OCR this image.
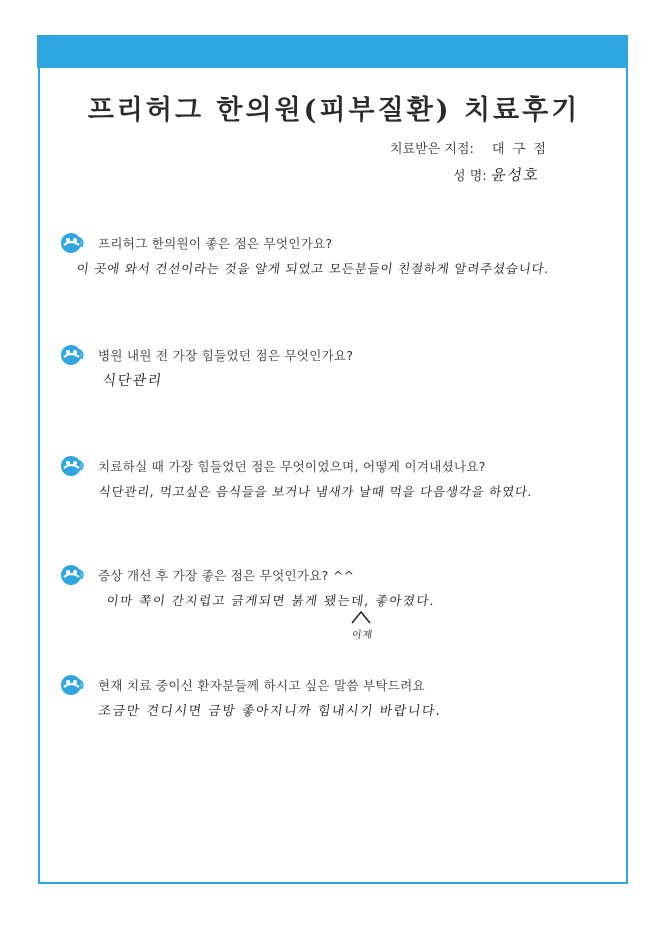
프리허그 한의원(피부질환) 치료후기
치료받은 지점: 대 구 점
성 명: 윤성호
프리허그 한의원이 좋은 점은 무엇인가요?
이 곳에 와서 건선이라는 것을 알게 되었고 모든분들이 친절하게 알려주셨습니다.
병원 내원 전 가장 힘들었던 점은 무엇인가요?
식단관리
치료하실 때 가장 힘들었던 점은 무엇이었으며, 어떻게 이겨내셨나요?
식단관리, 먹고싶은 음식들을 보거나 냄새가 날때 먹을 다음생각을 하였다.
증상 개선 후 가장 좋은 점은 무엇인가요? ^^
이마 쪽이 간지럽고 긁게되면 붉게 됐는데, 좋아졌다.
이제
현재 치료 중이신 환자분들께 하시고 싶은 말씀 부탁드려요
조금만 견디시면 금방 좋아지니까 힘내시기 바랍니다.
